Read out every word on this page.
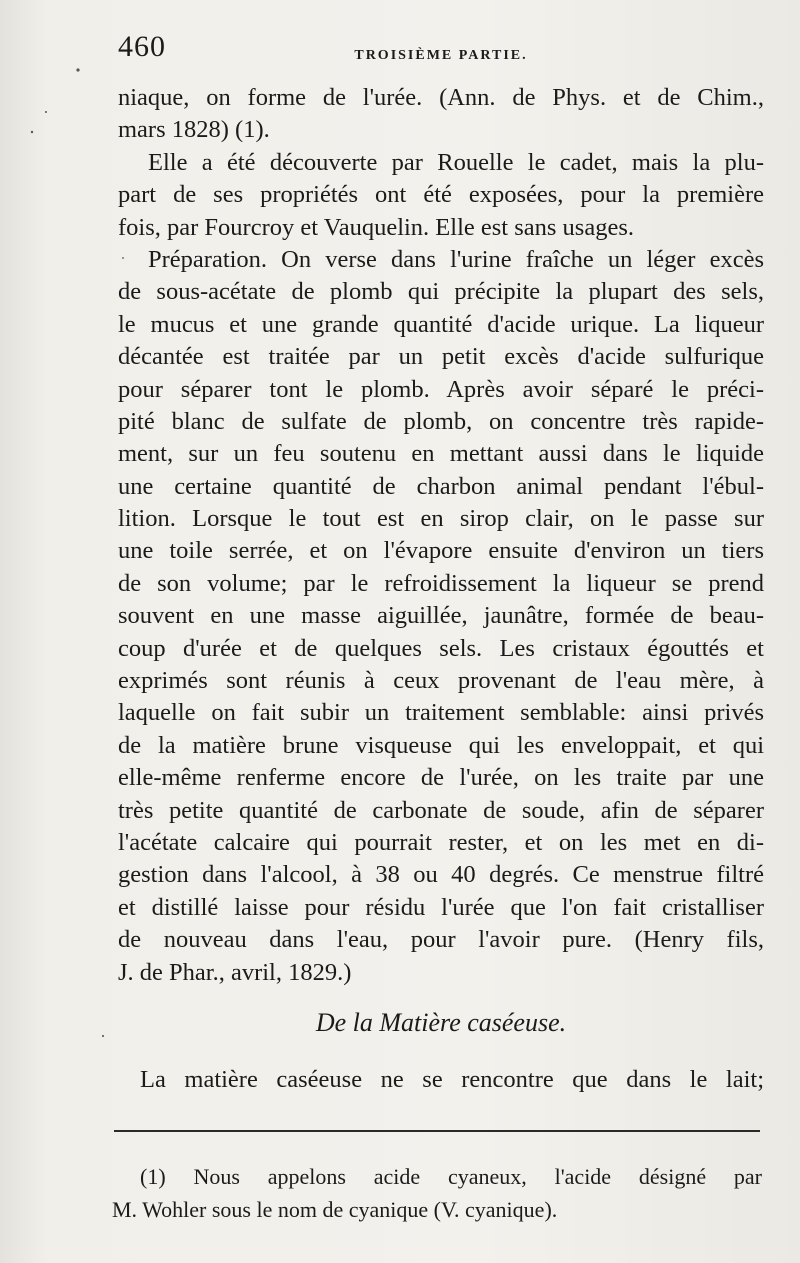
460	TROISIÈME PARTIE.
niaque, on forme de l'urée. (Ann. de Phys. et de Chim.,
mars 1828) (1).
Elle a été découverte par Rouelle le cadet, mais la plu-
part de ses propriétés ont été exposées, pour la première
fois, par Fourcroy et Vauquelin. Elle est sans usages.
Préparation. On verse dans l'urine fraîche un léger excès
de sous-acétate de plomb qui précipite la plupart des sels,
le mucus et une grande quantité d'acide urique. La liqueur
décantée est traitée par un petit excès d'acide sulfurique
pour séparer tont le plomb. Après avoir séparé le préci-
pité blanc de sulfate de plomb, on concentre très rapide-
ment, sur un feu soutenu en mettant aussi dans le liquide
une certaine quantité de charbon animal pendant l'ébul-
lition. Lorsque le tout est en sirop clair, on le passe sur
une toile serrée, et on l'évapore ensuite d'environ un tiers
de son volume; par le refroidissement la liqueur se prend
souvent en une masse aiguillée, jaunâtre, formée de beau-
coup d'urée et de quelques sels. Les cristaux égouttés et
exprimés sont réunis à ceux provenant de l'eau mère, à
laquelle on fait subir un traitement semblable: ainsi privés
de la matière brune visqueuse qui les enveloppait, et qui
elle-même renferme encore de l'urée, on les traite par une
très petite quantité de carbonate de soude, afin de séparer
l'acétate calcaire qui pourrait rester, et on les met en di-
gestion dans l'alcool, à 38 ou 40 degrés. Ce menstrue filtré
et distillé laisse pour résidu l'urée que l'on fait cristalliser
de nouveau dans l'eau, pour l'avoir pure. (Henry fils,
J. de Phar., avril, 1829.)
De la Matière caséeuse.
La matière caséeuse ne se rencontre que dans le lait;
(1) Nous appelons acide cyaneux, l'acide désigné par
M. Wohler sous le nom de cyanique (V. cyanique).
